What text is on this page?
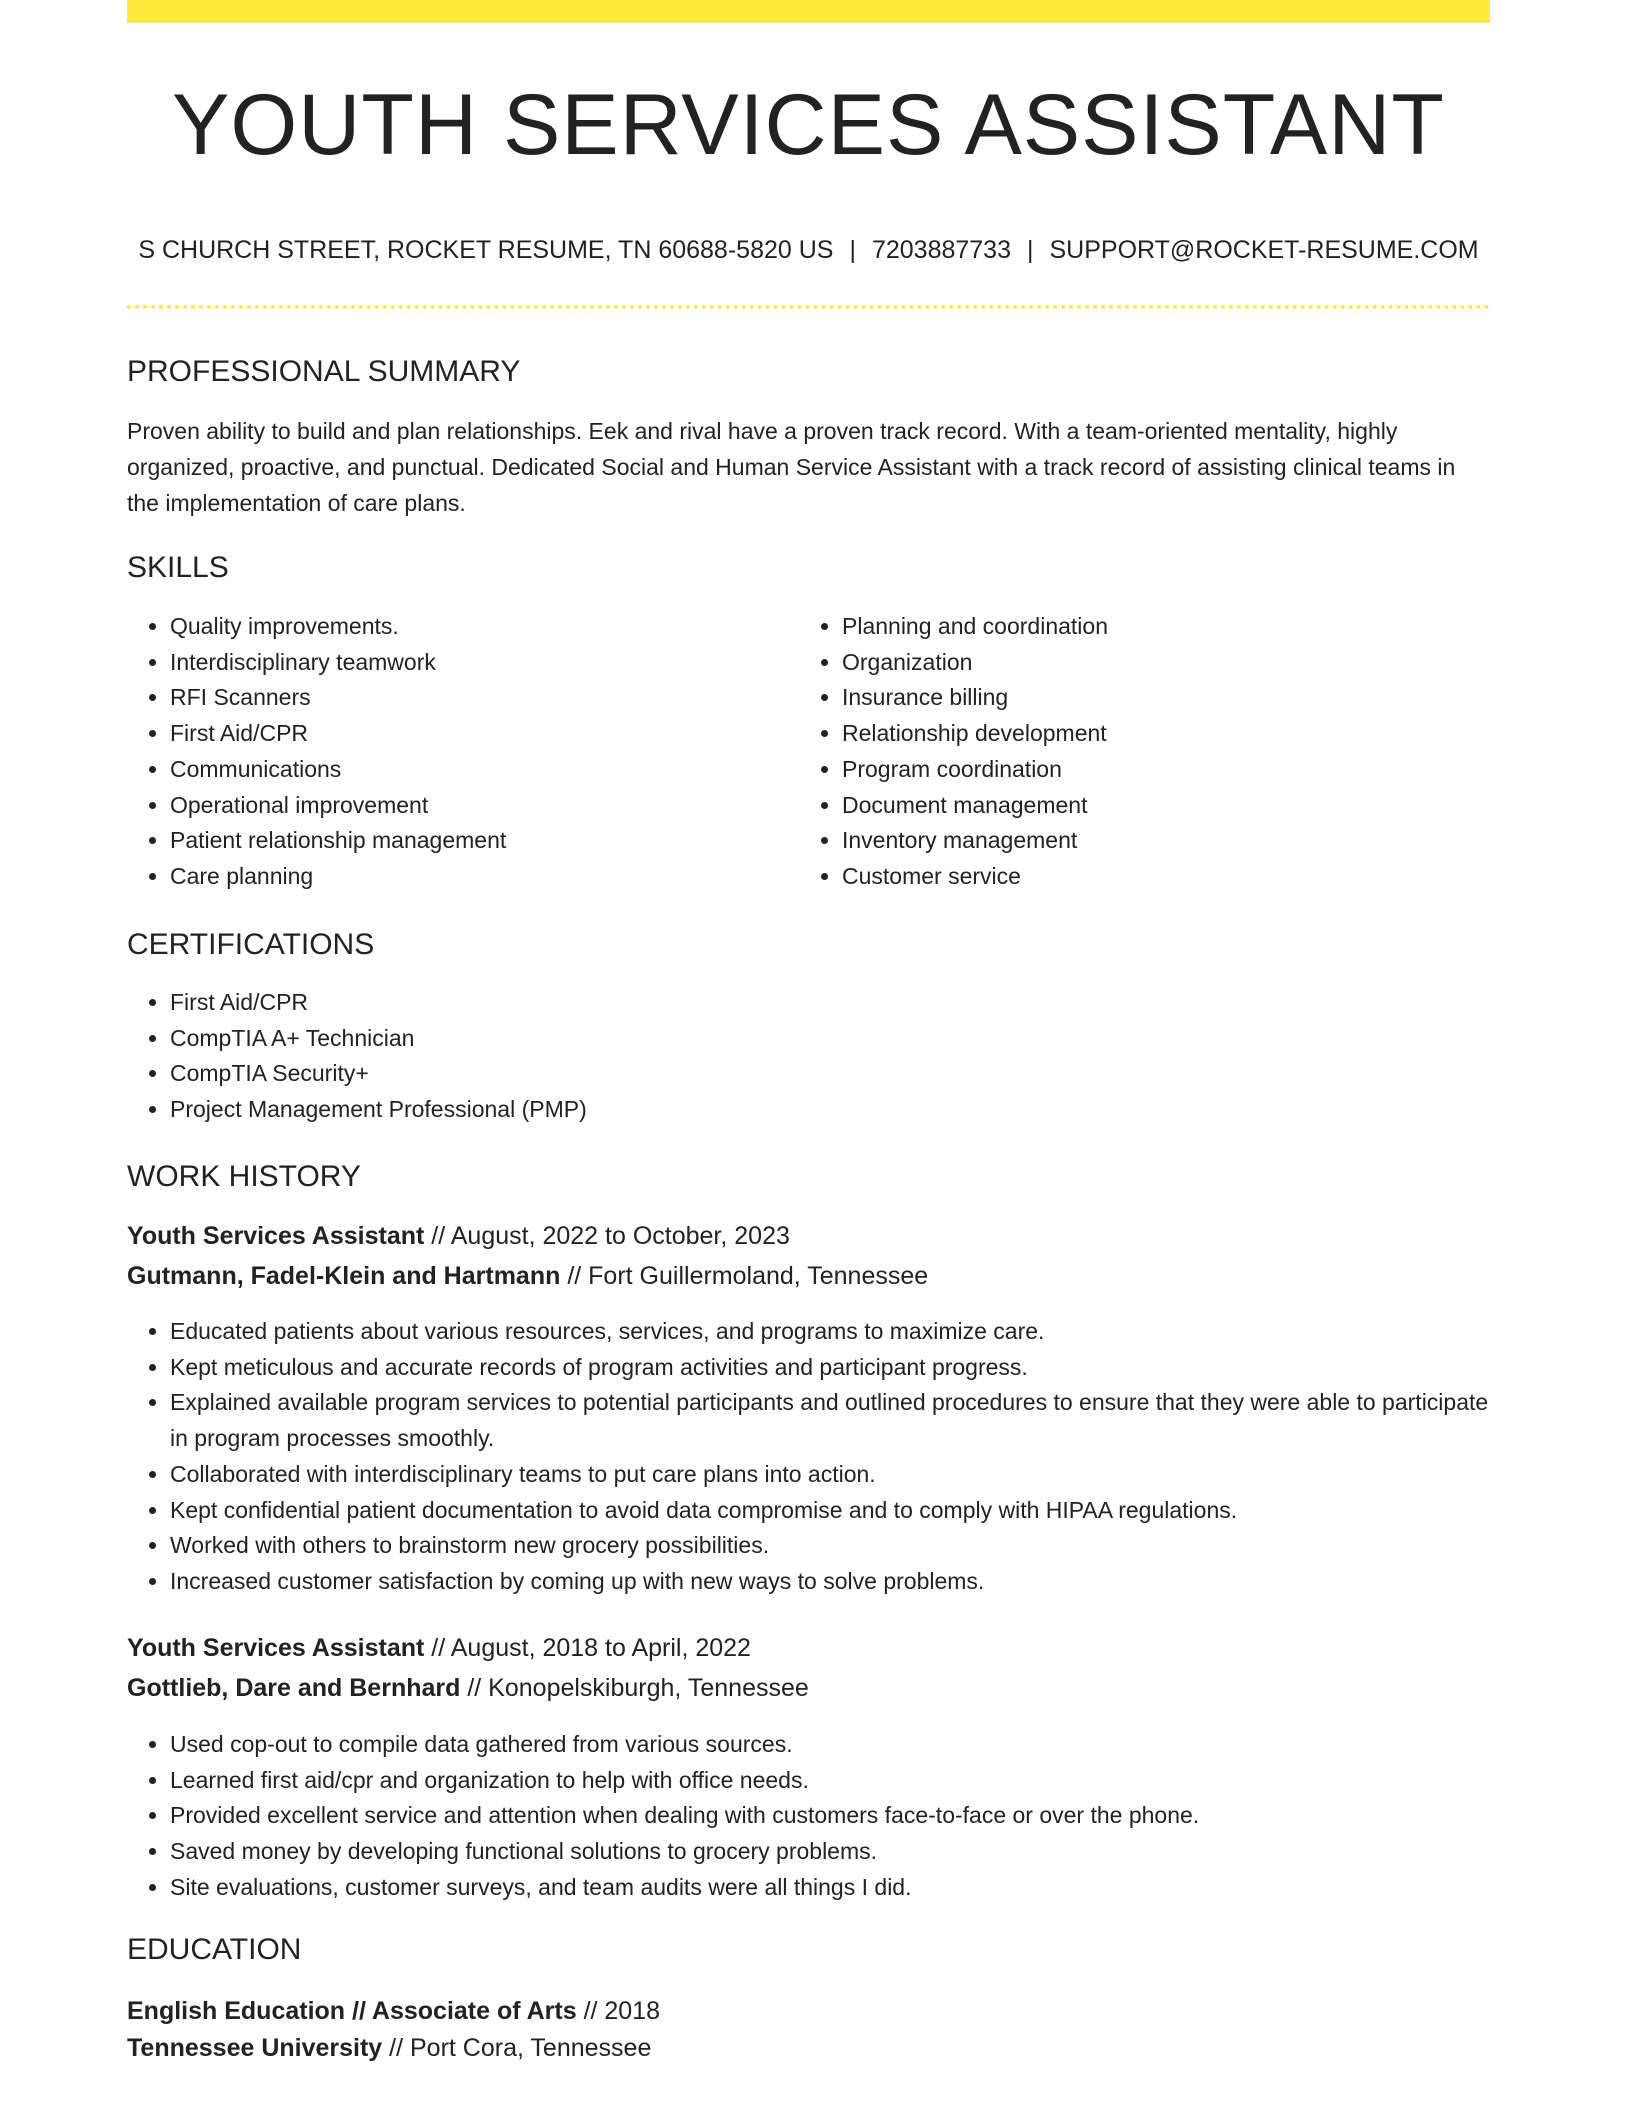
YOUTH SERVICES ASSISTANT
S CHURCH STREET, ROCKET RESUME, TN 60688-5820 US | 7203887733 | SUPPORT@ROCKET-RESUME.COM
PROFESSIONAL SUMMARY

Proven ability to build and plan relationships. Eek and rival have a proven track record. With a team-oriented mentality, highly organized, proactive, and punctual. Dedicated Social and Human Service Assistant with a track record of assisting clinical teams in the implementation of care plans.

SKILLS
• Quality improvements.
• Interdisciplinary teamwork
• RFI Scanners
• First Aid/CPR
• Communications
• Operational improvement
• Patient relationship management
• Care planning
• Planning and coordination
• Organization
• Insurance billing
• Relationship development
• Program coordination
• Document management
• Inventory management
• Customer service
CERTIFICATIONS
• First Aid/CPR
• CompTIA A+ Technician
• CompTIA Security+
• Project Management Professional (PMP)
WORK HISTORY
Youth Services Assistant // August, 2022 to October, 2023
Gutmann, Fadel-Klein and Hartmann // Fort Guillermoland, Tennessee
• Educated patients about various resources, services, and programs to maximize care.
• Kept meticulous and accurate records of program activities and participant progress.
• Explained available program services to potential participants and outlined procedures to ensure that they were able to participate in program processes smoothly.
• Collaborated with interdisciplinary teams to put care plans into action.
• Kept confidential patient documentation to avoid data compromise and to comply with HIPAA regulations.
• Worked with others to brainstorm new grocery possibilities.
• Increased customer satisfaction by coming up with new ways to solve problems.
Youth Services Assistant // August, 2018 to April, 2022
Gottlieb, Dare and Bernhard // Konopelskiburgh, Tennessee
• Used cop-out to compile data gathered from various sources.
• Learned first aid/cpr and organization to help with office needs.
• Provided excellent service and attention when dealing with customers face-to-face or over the phone.
• Saved money by developing functional solutions to grocery problems.
• Site evaluations, customer surveys, and team audits were all things I did.
EDUCATION
English Education // Associate of Arts // 2018
Tennessee University // Port Cora, Tennessee
